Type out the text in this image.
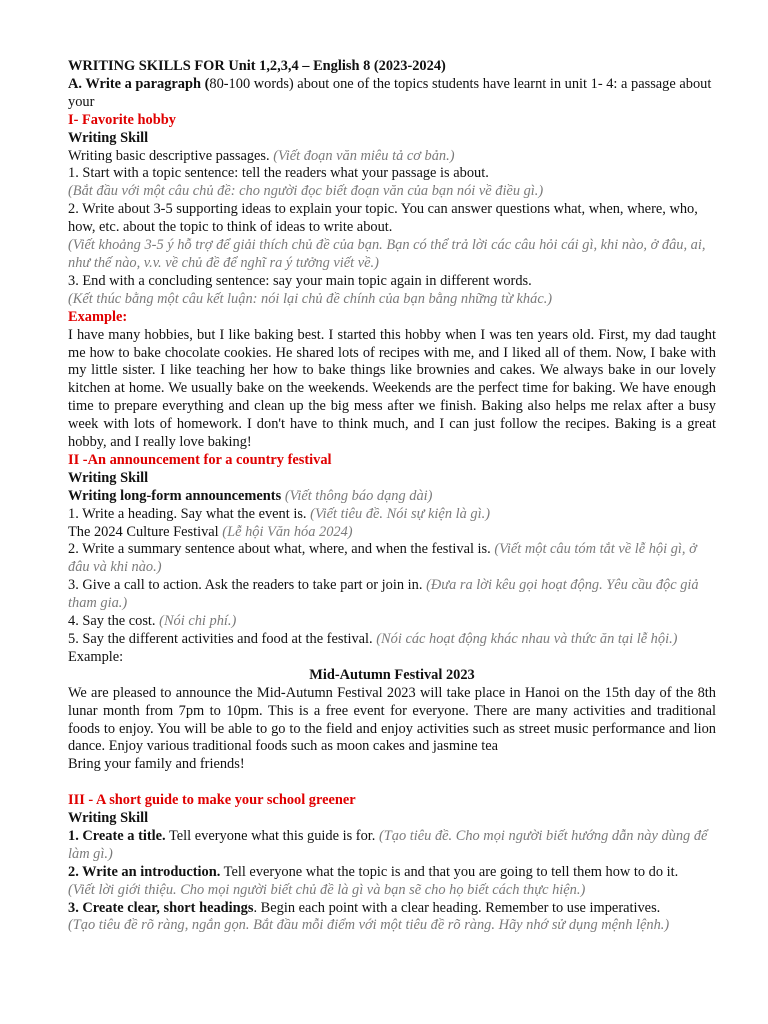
WRITING SKILLS FOR Unit 1,2,3,4 – English 8 (2023-2024)

A. Write a paragraph (80-100 words) about one of the topics students have learnt in unit 1- 4: a passage about your

I- Favorite hobby

Writing Skill

Writing basic descriptive passages. (Viết đoạn văn miêu tả cơ bản.)

1. Start with a topic sentence: tell the readers what your passage is about.

(Bắt đầu với một câu chủ đề: cho người đọc biết đoạn văn của bạn nói về điều gì.)

2. Write about 3-5 supporting ideas to explain your topic. You can answer questions what, when, where, who, how, etc. about the topic to think of ideas to write about.

(Viết khoảng 3-5 ý hỗ trợ để giải thích chủ đề của bạn. Bạn có thể trả lời các câu hỏi cái gì, khi nào, ở đâu, ai, như thế nào, v.v. về chủ đề để nghĩ ra ý tưởng viết về.)

3. End with a concluding sentence: say your main topic again in different words.

(Kết thúc bằng một câu kết luận: nói lại chủ đề chính của bạn bằng những từ khác.)

Example:

I have many hobbies, but I like baking best. I started this hobby when I was ten years old. First, my dad taught me how to bake chocolate cookies. He shared lots of recipes with me, and I liked all of them. Now, I bake with my little sister. I like teaching her how to bake things like brownies and cakes. We always bake in our lovely kitchen at home. We usually bake on the weekends. Weekends are the perfect time for baking. We have enough time to prepare everything and clean up the big mess after we finish. Baking also helps me relax after a busy week with lots of homework. I don't have to think much, and I can just follow the recipes. Baking is a great hobby, and I really love baking!

II -An announcement for a country festival

Writing Skill

Writing long-form announcements (Viết thông báo dạng dài)

1. Write a heading. Say what the event is. (Viết tiêu đề. Nói sự kiện là gì.)

The 2024 Culture Festival (Lễ hội Văn hóa 2024)

2. Write a summary sentence about what, where, and when the festival is. (Viết một câu tóm tắt về lễ hội gì, ở đâu và khi nào.)

3. Give a call to action. Ask the readers to take part or join in. (Đưa ra lời kêu gọi hoạt động. Yêu cầu độc giả tham gia.)

4. Say the cost. (Nói chi phí.)

5. Say the different activities and food at the festival. (Nói các hoạt động khác nhau và thức ăn tại lễ hội.)

Example:

Mid-Autumn Festival 2023

We are pleased to announce the Mid-Autumn Festival 2023 will take place in Hanoi on the 15th day of the 8th lunar month from 7pm to 10pm. This is a free event for everyone. There are many activities and traditional foods to enjoy. You will be able to go to the field and enjoy activities such as street music performance and lion dance. Enjoy various traditional foods such as moon cakes and jasmine tea

Bring your family and friends!

III - A short guide to make your school greener

Writing Skill

1. Create a title. Tell everyone what this guide is for. (Tạo tiêu đề. Cho mọi người biết hướng dẫn này dùng để làm gì.)

2. Write an introduction. Tell everyone what the topic is and that you are going to tell them how to do it.

(Viết lời giới thiệu. Cho mọi người biết chủ đề là gì và bạn sẽ cho họ biết cách thực hiện.)

3. Create clear, short headings. Begin each point with a clear heading. Remember to use imperatives.

(Tạo tiêu đề rõ ràng, ngắn gọn. Bắt đầu mỗi điểm với một tiêu đề rõ ràng. Hãy nhớ sử dụng mệnh lệnh.)
